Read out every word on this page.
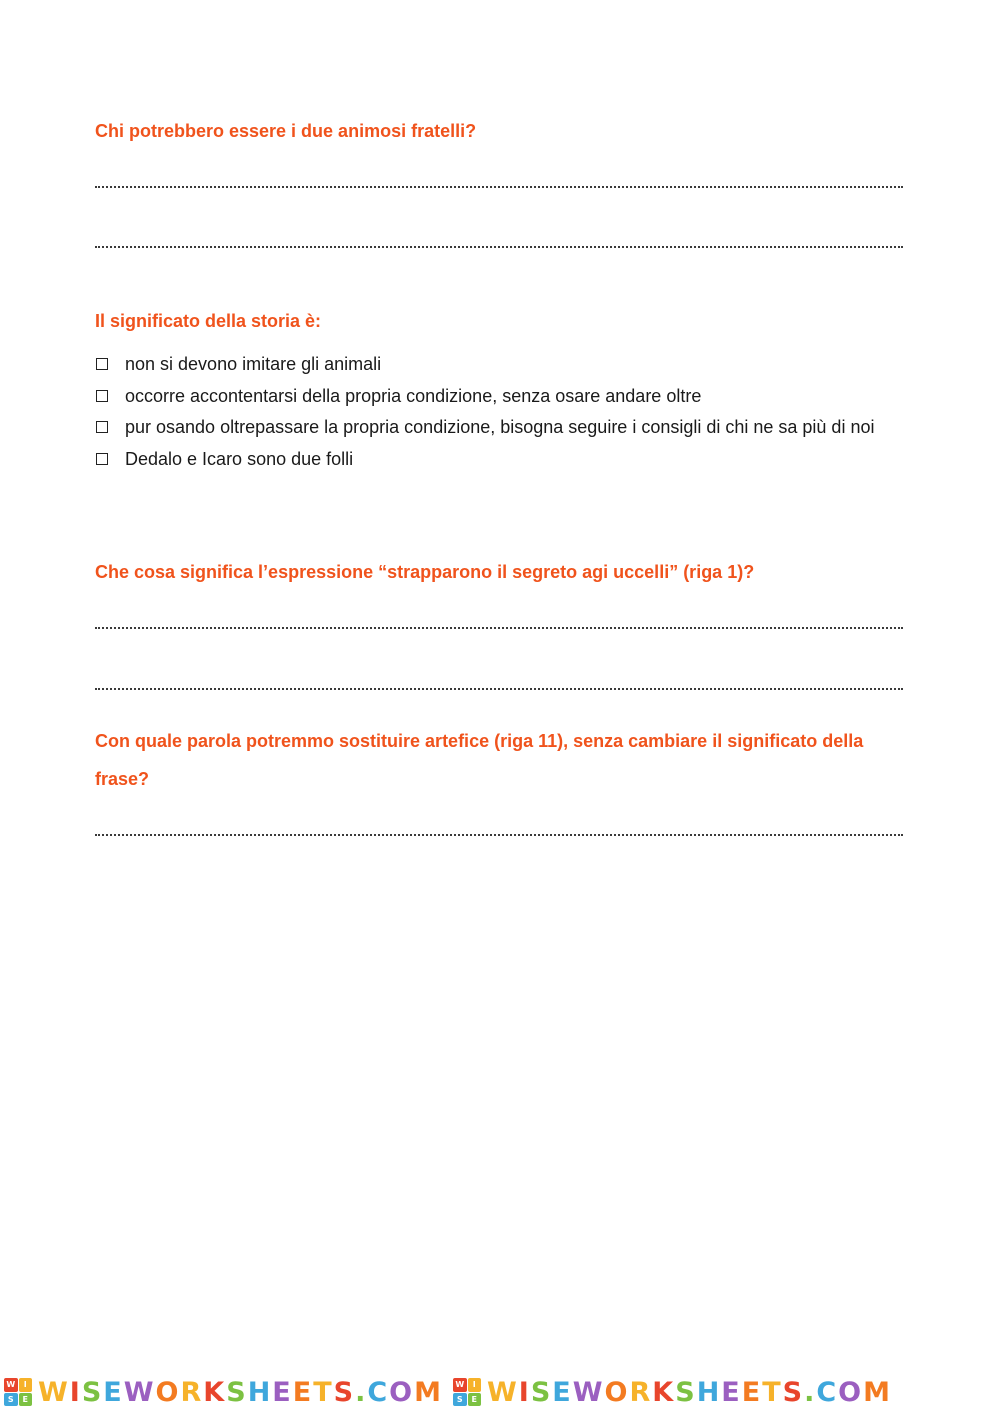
Chi potrebbero essere i due animosi fratelli?

Il significato della storia è:

non si devono imitare gli animali
occorre accontentarsi della propria condizione, senza osare andare oltre
pur osando oltrepassare la propria condizione, bisogna seguire i consigli di chi ne sa più di noi
Dedalo e Icaro sono due folli

Che cosa significa l’espressione “strapparono il segreto agi uccelli” (riga 1)?

Con quale parola potremmo sostituire artefice (riga 11), senza cambiare il significato della frase?

W	I
S	E WISEWORKSHEETS.COM W	I
S	E WISEWORKSHEETS.COM
